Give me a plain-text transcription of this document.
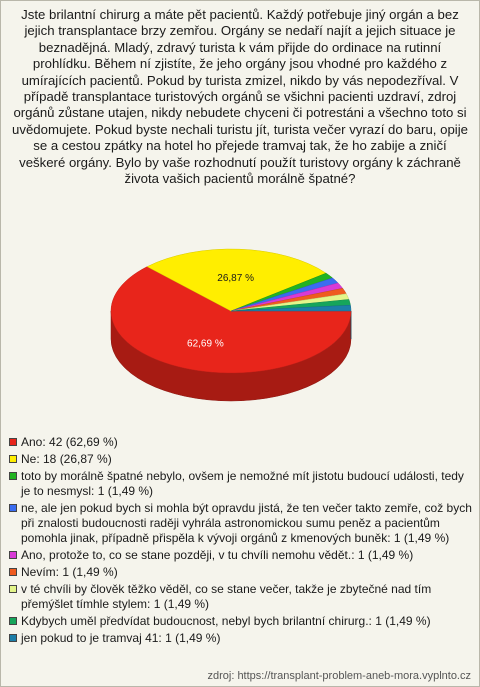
Jste brilantní chirurg a máte pět pacientů. Každý potřebuje jiný orgán a bez jejich transplantace brzy zemřou. Orgány se nedaří najít a jejich situace je beznadějná. Mladý, zdravý turista k vám přijde do ordinace na rutinní prohlídku. Během ní zjistíte, že jeho orgány jsou vhodné pro každého z umírajících pacientů. Pokud by turista zmizel, nikdo by vás nepodezříval. V případě transplantace turistových orgánů se všichni pacienti uzdraví, zdroj orgánů zůstane utajen, nikdy nebudete chyceni či potrestáni a všechno toto si uvědomujete. Pokud byste nechali turistu jít, turista večer vyrazí do baru, opije se a cestou zpátky na hotel ho přejede tramvaj tak, že ho zabije a zničí veškeré orgány. Bylo by vaše rozhodnutí použít turistovy orgány k záchraně života vašich pacientů morálně špatné?

62,69 %
26,87 %
Ano: 42 (62,69 %)
Ne: 18 (26,87 %)
toto by morálně špatné nebylo, ovšem je nemožné mít jistotu budoucí události, tedy je to nesmysl: 1 (1,49 %)
ne, ale jen pokud bych si mohla být opravdu jistá, že ten večer takto zemře, což bych při znalosti budoucnosti raději vyhrála astronomickou sumu peněz a pacientům pomohla jinak, případně přispěla k vývoji orgánů z kmenových buněk: 1 (1,49 %)
Ano, protože to, co se stane později, v tu chvíli nemohu vědět.: 1 (1,49 %)
Nevím: 1 (1,49 %)
v té chvíli by člověk těžko věděl, co se stane večer, takže je zbytečné nad tím přemýšlet tímhle stylem: 1 (1,49 %)
Kdybych uměl předvídat budoucnost, nebyl bych brilantní chirurg.: 1 (1,49 %)
jen pokud to je tramvaj 41: 1 (1,49 %)
zdroj: https://transplant-problem-aneb-mora.vyplnto.cz
